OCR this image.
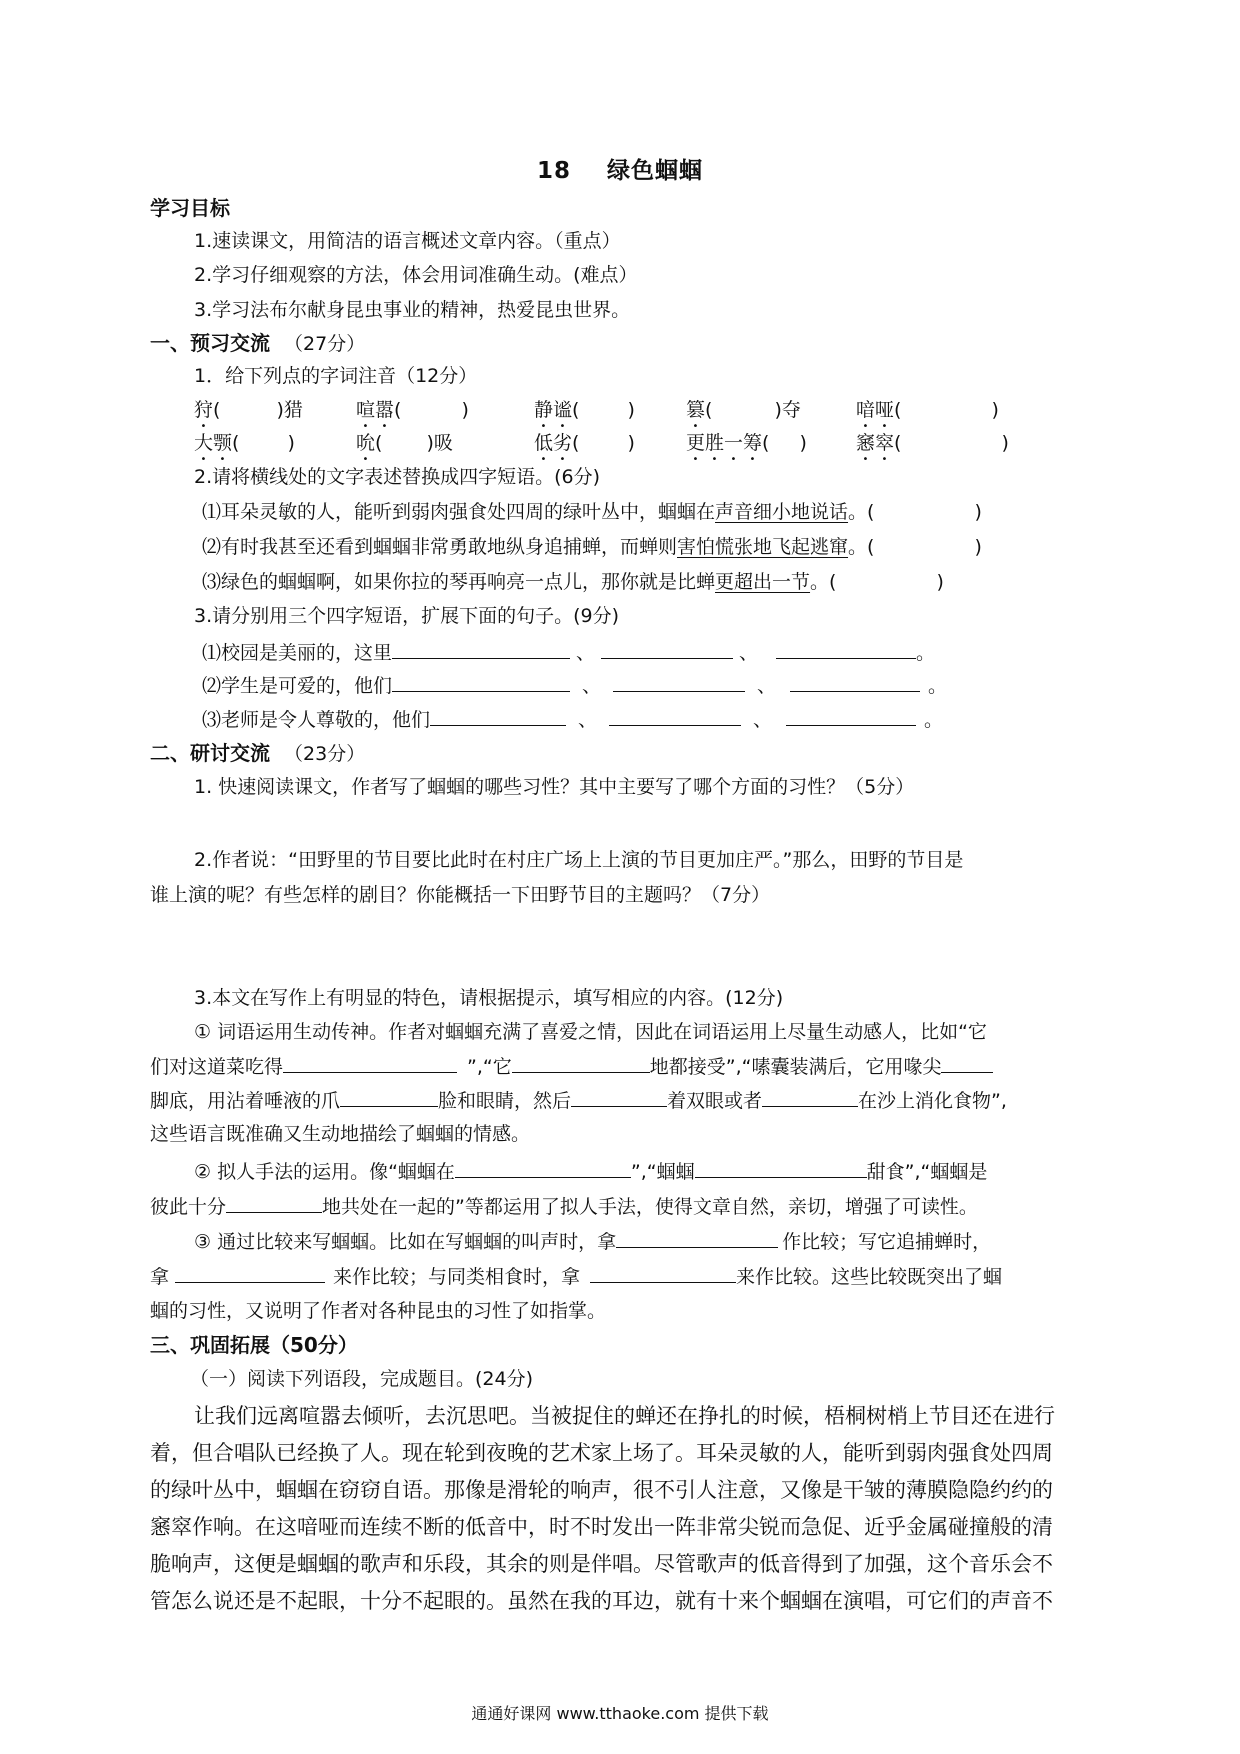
18 绿色蝈蝈
学习目标
1.速读课文，用简洁的语言概述文章内容。（重点）
2.学习仔细观察的方法，体会用词准确生动。(难点）
3.学习法布尔献身昆虫事业的精神，热爱昆虫世界。
一、预习交流 （27分）
1．给下列点的字词注音（12分）
狩(	)猎	喧嚣(	)	静谧(	)	篡(	)夺	喑哑(	)
大颚(	)	吮( )吸	低劣(	)	更胜一筹( )	窸窣(	)
2.请将横线处的文字表述替换成四字短语。(6分)
⑴耳朵灵敏的人，能听到弱肉强食处四周的绿叶丛中，蝈蝈在声音细小地说话。(	)
⑵有时我甚至还看到蝈蝈非常勇敢地纵身追捕蝉，而蝉则害怕慌张地飞起逃窜。(	)
⑶绿色的蝈蝈啊，如果你拉的琴再响亮一点儿，那你就是比蝉更超出一节。(	)
3.请分别用三个四字短语，扩展下面的句子。(9分)
⑴校园是美丽的，这里	、	、	。
⑵学生是可爱的，他们	、	、	。
⑶老师是令人尊敬的，他们	、	、	。
二、研讨交流 （23分）
1. 快速阅读课文，作者写了蝈蝈的哪些习性？其中主要写了哪个方面的习性？（5分）
2.作者说：“田野里的节目要比此时在村庄广场上上演的节目更加庄严。”那么，田野的节目是
谁上演的呢？有些怎样的剧目？你能概括一下田野节目的主题吗？（7分）
3.本文在写作上有明显的特色，请根据提示，填写相应的内容。(12分)
① 词语运用生动传神。作者对蝈蝈充满了喜爱之情，因此在词语运用上尽量生动感人，比如“它
们对这道菜吃得	”,“它	地都接受”,“嗉囊装满后，它用喙尖
脚底，用沾着唾液的爪	脸和眼睛，然后	着双眼或者	在沙上消化食物”,
这些语言既准确又生动地描绘了蝈蝈的情感。
② 拟人手法的运用。像“蝈蝈在	”,“蝈蝈	甜食”,“蝈蝈是
彼此十分	地共处在一起的”等都运用了拟人手法，使得文章自然，亲切，增强了可读性。
③ 通过比较来写蝈蝈。比如在写蝈蝈的叫声时，拿	作比较；写它追捕蝉时，
拿	来作比较；与同类相食时，拿	来作比较。这些比较既突出了蝈
蝈的习性，又说明了作者对各种昆虫的习性了如指掌。
三、巩固拓展（50分）
（一）阅读下列语段，完成题目。(24分)
让我们远离喧嚣去倾听，去沉思吧。当被捉住的蝉还在挣扎的时候，梧桐树梢上节目还在进行
着，但合唱队已经换了人。现在轮到夜晚的艺术家上场了。耳朵灵敏的人，能听到弱肉强食处四周
的绿叶丛中，蝈蝈在窃窃自语。那像是滑轮的响声，很不引人注意，又像是干皱的薄膜隐隐约约的
窸窣作响。在这喑哑而连续不断的低音中，时不时发出一阵非常尖锐而急促、近乎金属碰撞般的清
脆响声，这便是蝈蝈的歌声和乐段，其余的则是伴唱。尽管歌声的低音得到了加强，这个音乐会不
管怎么说还是不起眼，十分不起眼的。虽然在我的耳边，就有十来个蝈蝈在演唱，可它们的声音不
通通好课网 www.tthaoke.com 提供下载
